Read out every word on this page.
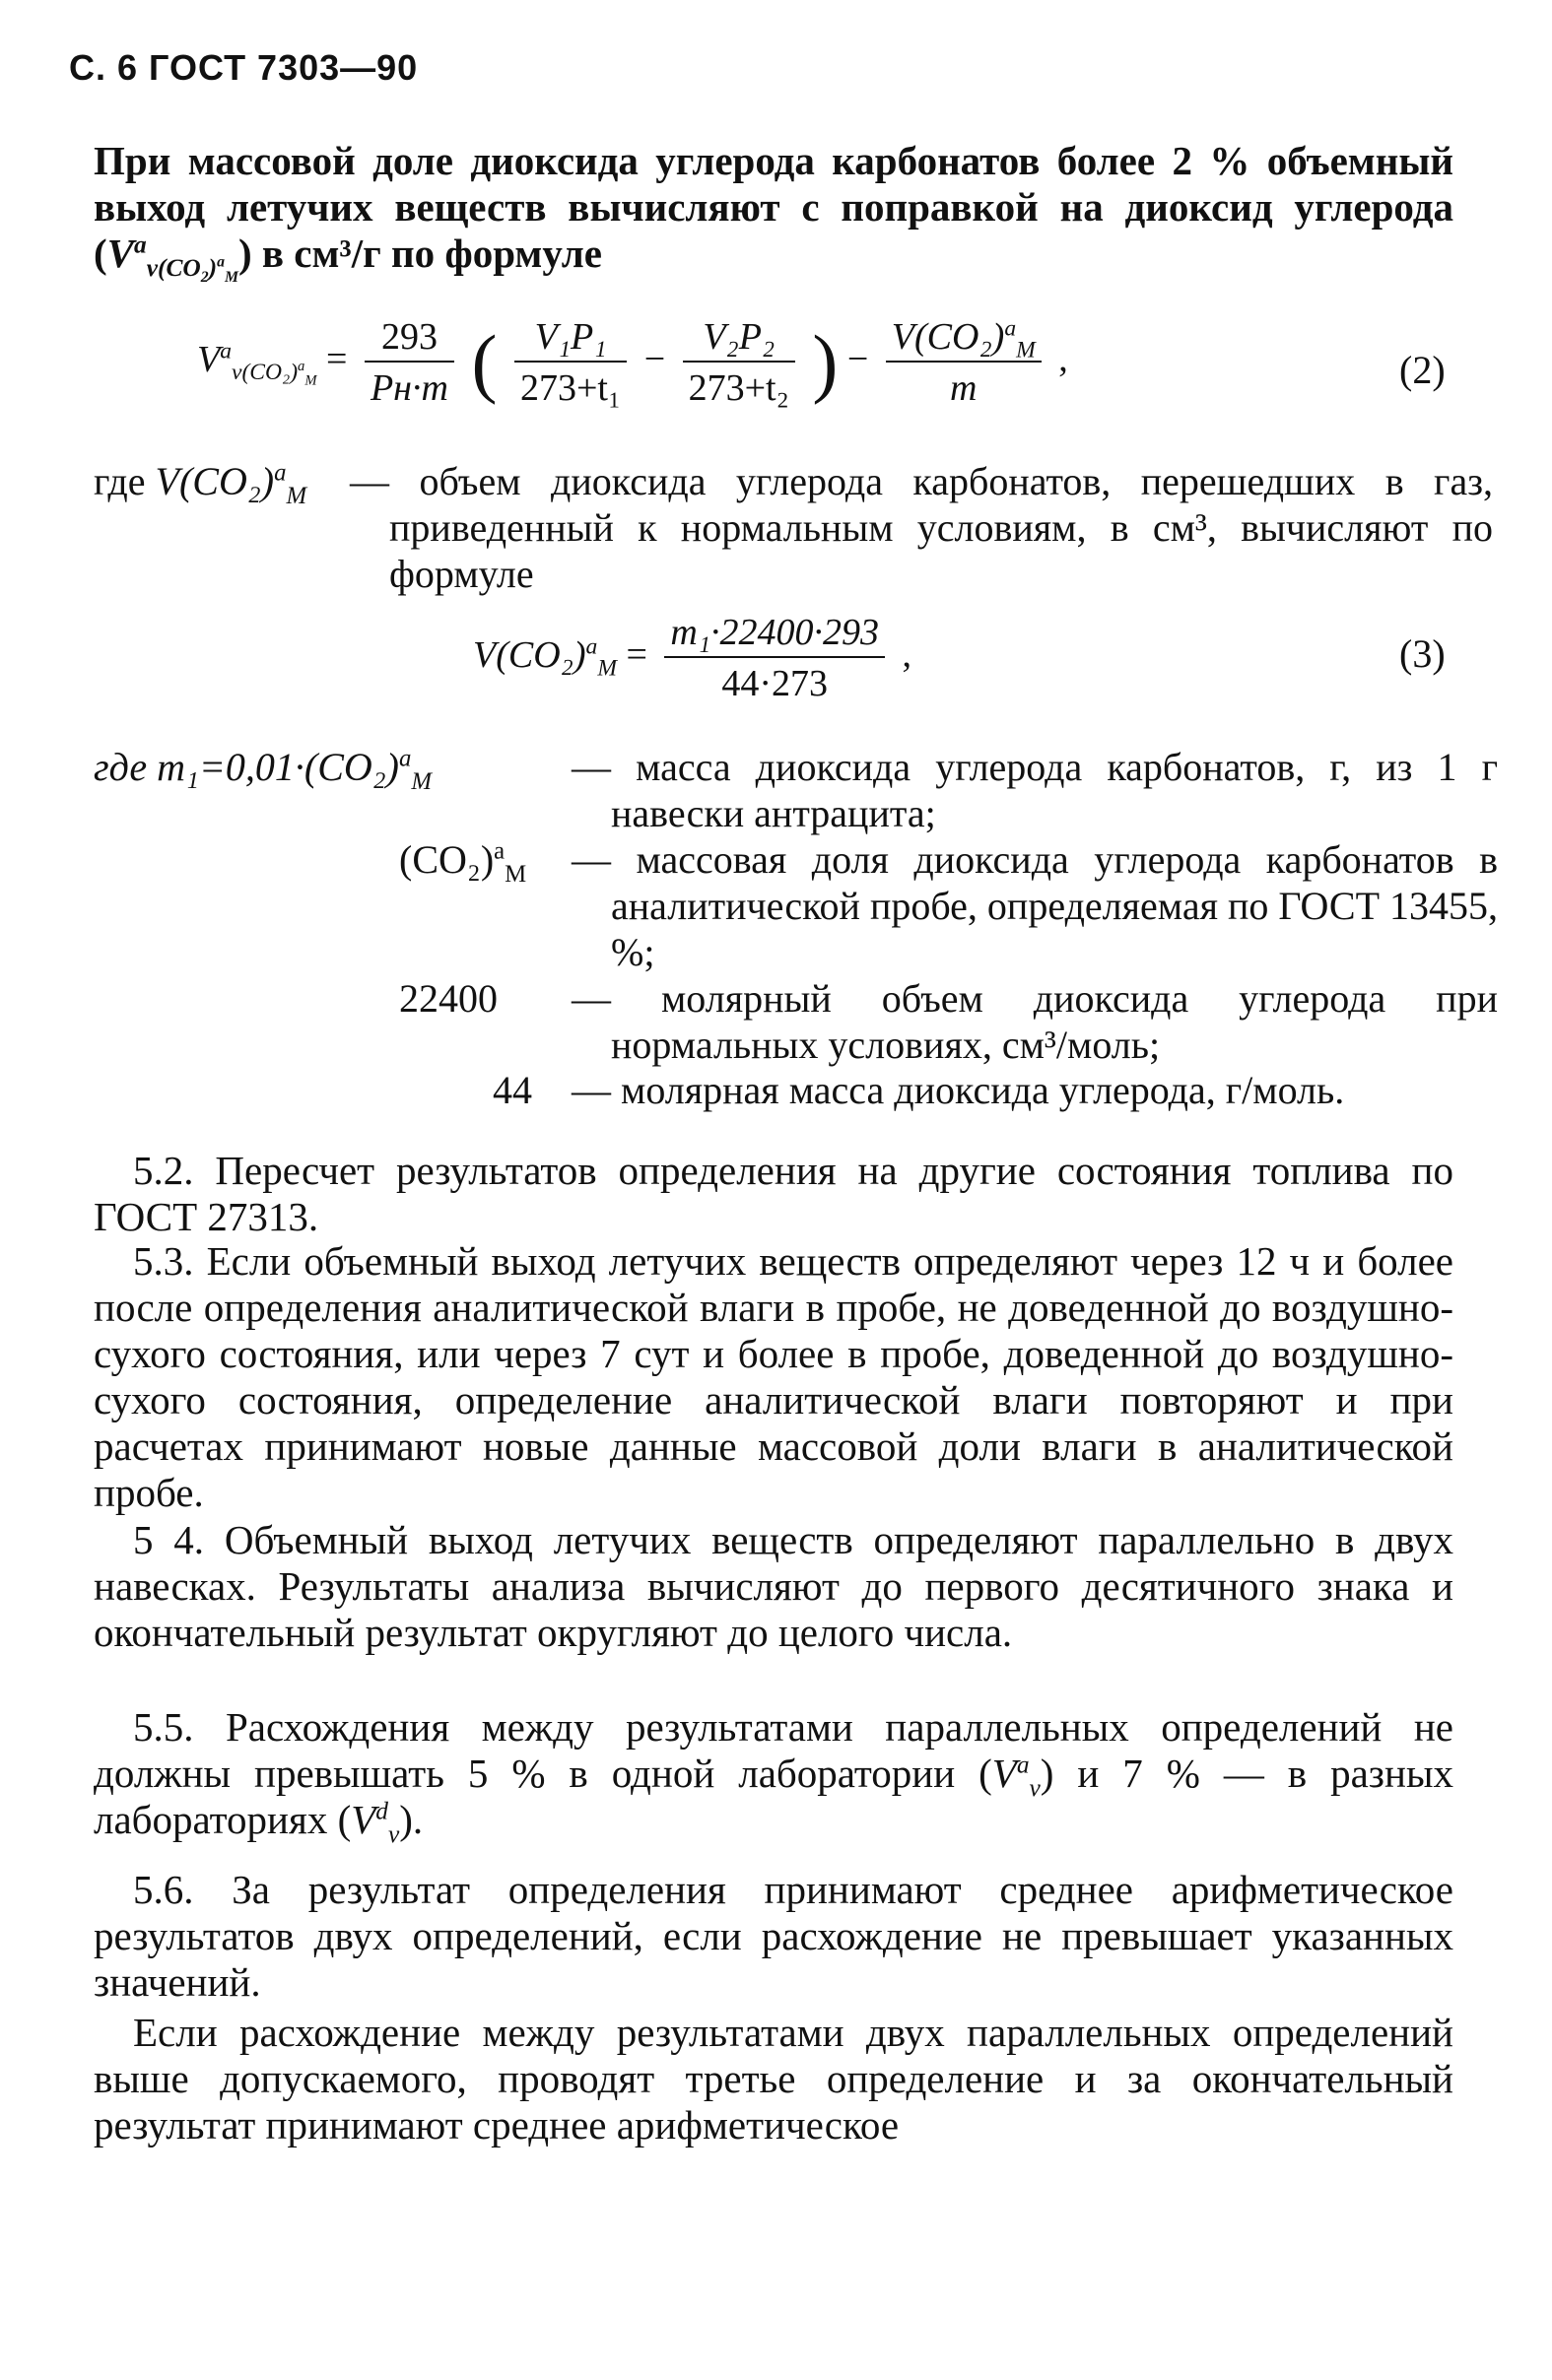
С. 6 ГОСТ 7303—90
При массовой доле диоксида углерода карбонатов более 2 % объемный выход летучих веществ вычисляют с поправкой на диоксид углерода $(V^a_{v(CO_2)^a_М})$ в см³/г по формуле
$V^a_{v(CO_2)^a_М} = \frac{293}{Pн\cdot m}$ ( $\frac{\text{V₁P₁}}{\text{273+t₁}} - \frac{\text{V₂P₂}}{\text{273+t₂}}$ ) − $\frac{V(CO_2)^a_М}{m}$ ,	(2)
где $V(CO_2)^a_М$ — объем диоксида углерода карбонатов, перешедших в газ, приведенный к нормальным условиям, в см³, вычисляют по формуле
$V(CO_2)^a_М = \frac{\text{m₁·22400·293}}{44\cdot 273}$ ,	(3)
где $m_1=0,01\cdot(CO_2)^a_М$	— масса диоксида углерода карбонатов, г, из 1 г навески антрацита;
$(CO_2)^a_М$ — массовая доля диоксида углерода карбонатов в аналитической пробе, определяемая по ГОСТ 13455, %;
22400 — молярный объем диоксида углерода при нормальных условиях, см³/моль;
44 — молярная масса диоксида углерода, г/моль.
5.2. Пересчет результатов определения на другие состояния топлива по ГОСТ 27313.
5.3. Если объемный выход летучих веществ определяют через 12 ч и более после определения аналитической влаги в пробе, не доведенной до воздушно-сухого состояния, или через 7 сут и более в пробе, доведенной до воздушно-сухого состояния, определение аналитической влаги повторяют и при расчетах принимают новые данные массовой доли влаги в аналитической пробе.
5 4. Объемный выход летучих веществ определяют параллельно в двух навесках. Результаты анализа вычисляют до первого десятичного знака и окончательный результат округляют до целого числа.
5.5. Расхождения между результатами параллельных определений не должны превышать 5 % в одной лаборатории $(V^a_v)$ и 7 % — в разных лабораториях $(V^d_v)$.
5.6. За результат определения принимают среднее арифметическое результатов двух определений, если расхождение не превышает указанных значений.
Если расхождение между результатами двух параллельных определений выше допускаемого, проводят третье определение и за окончательный результат принимают среднее арифметическое
